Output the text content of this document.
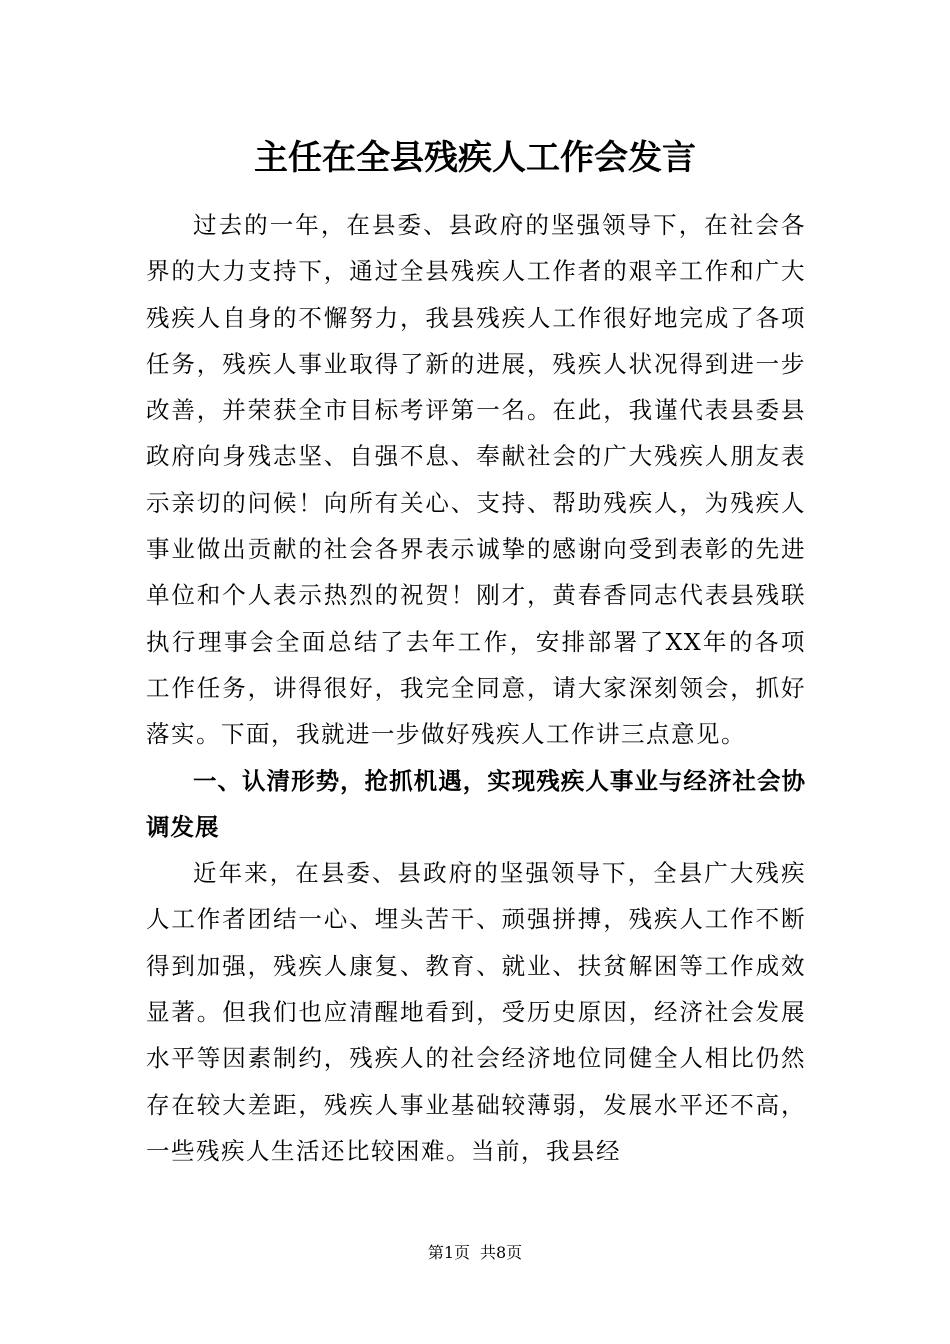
主任在全县残疾人工作会发言

过去的一年，在县委、县政府的坚强领导下，在社会各界的大力支持下，通过全县残疾人工作者的艰辛工作和广大残疾人自身的不懈努力，我县残疾人工作很好地完成了各项任务，残疾人事业取得了新的进展，残疾人状况得到进一步改善，并荣获全市目标考评第一名。在此，我谨代表县委县政府向身残志坚、自强不息、奉献社会的广大残疾人朋友表示亲切的问候！向所有关心、支持、帮助残疾人，为残疾人事业做出贡献的社会各界表示诚挚的感谢向受到表彰的先进单位和个人表示热烈的祝贺！刚才，黄春香同志代表县残联执行理事会全面总结了去年工作，安排部署了XX年的各项工作任务，讲得很好，我完全同意，请大家深刻领会，抓好落实。下面，我就进一步做好残疾人工作讲三点意见。

一、认清形势，抢抓机遇，实现残疾人事业与经济社会协调发展

近年来，在县委、县政府的坚强领导下，全县广大残疾人工作者团结一心、埋头苦干、顽强拼搏，残疾人工作不断得到加强，残疾人康复、教育、就业、扶贫解困等工作成效显著。但我们也应清醒地看到，受历史原因，经济社会发展水平等因素制约，残疾人的社会经济地位同健全人相比仍然存在较大差距，残疾人事业基础较薄弱，发展水平还不高，一些残疾人生活还比较困难。当前，我县经

第1页 共8页
